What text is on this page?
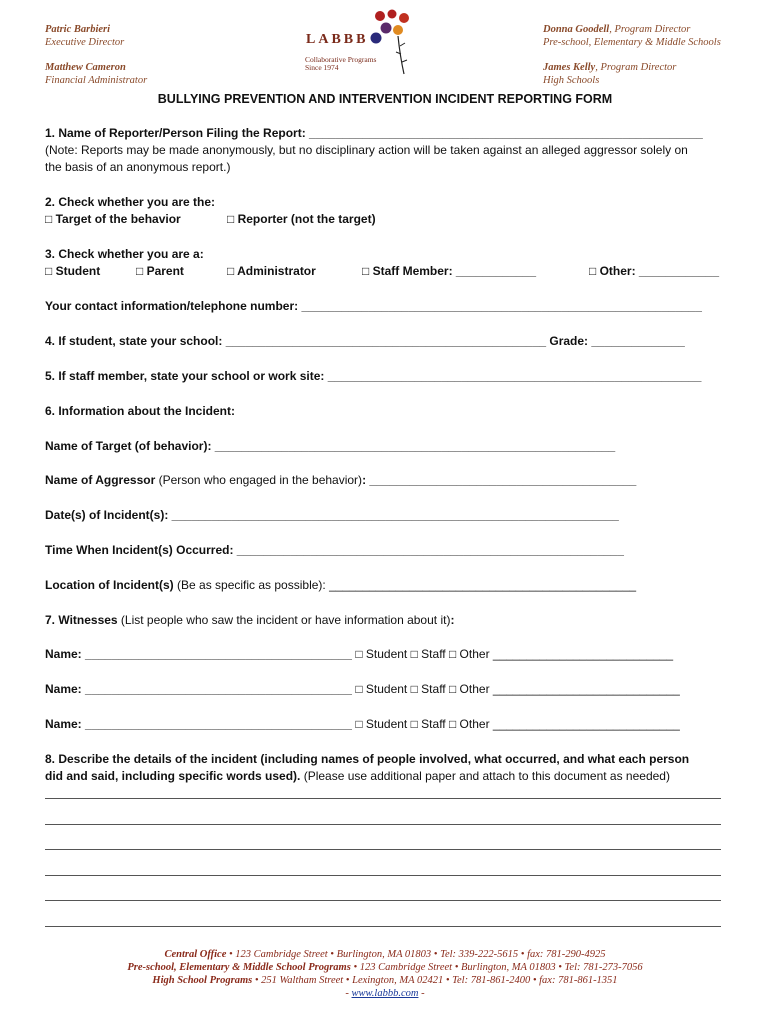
Patric Barbieri
Executive Director
Matthew Cameron
Financial Administrator
LABBB
Collaborative Programs
Since 1974
Donna Goodell, Program Director
Pre-school, Elementary & Middle Schools
James Kelly, Program Director
High Schools
BULLYING PREVENTION AND INTERVENTION INCIDENT REPORTING FORM
1. Name of Reporter/Person Filing the Report: ___________________________________________________________
(Note: Reports may be made anonymously, but no disciplinary action will be taken against an alleged aggressor solely on
the basis of an anonymous report.)
2. Check whether you are the:
□ Target of the behavior	□ Reporter (not the target)
3. Check whether you are a:
□ Student	□ Parent	□ Administrator	□ Staff Member: ____________	□ Other: ____________
Your contact information/telephone number: ____________________________________________________________
4. If student, state your school: ________________________________________________ Grade: ______________
5. If staff member, state your school or work site: ________________________________________________________
6. Information about the Incident:
Name of Target (of behavior): ____________________________________________________________
Name of Aggressor (Person who engaged in the behavior): ________________________________________
Date(s) of Incident(s): ___________________________________________________________________
Time When Incident(s) Occurred: __________________________________________________________
Location of Incident(s) (Be as specific as possible): ______________________________________________
7. Witnesses (List people who saw the incident or have information about it):
Name: ________________________________________ □ Student □ Staff □ Other ___________________________
Name: ________________________________________ □ Student □ Staff □ Other ____________________________
Name: ________________________________________ □ Student □ Staff □ Other ____________________________
8. Describe the details of the incident (including names of people involved, what occurred, and what each person
did and said, including specific words used). (Please use additional paper and attach to this document as needed)
Central Office • 123 Cambridge Street • Burlington, MA 01803 • Tel: 339-222-5615 • fax: 781-290-4925
Pre-school, Elementary & Middle School Programs • 123 Cambridge Street • Burlington, MA 01803 • Tel: 781-273-7056
High School Programs • 251 Waltham Street • Lexington, MA 02421 • Tel: 781-861-2400 • fax: 781-861-1351
- www.labbb.com -
